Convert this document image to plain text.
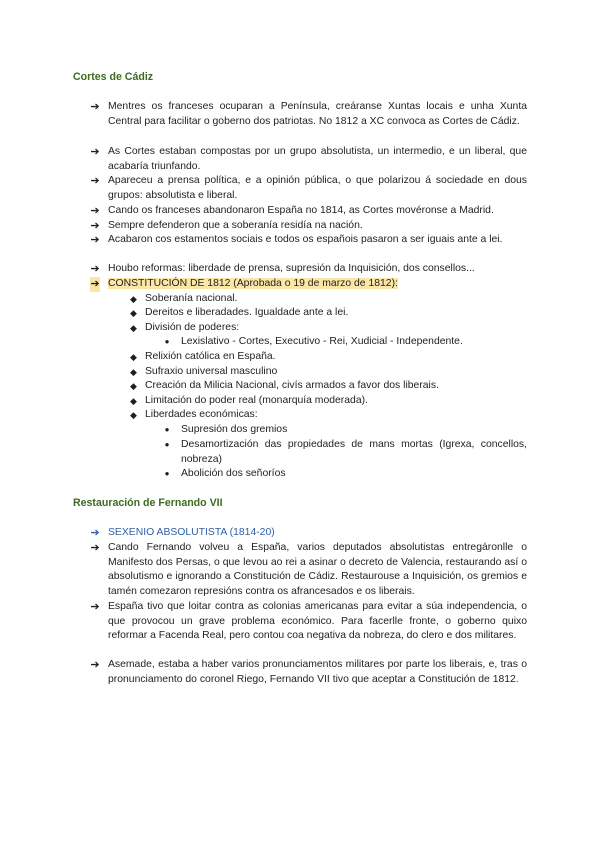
Cortes de Cádiz
➔ Mentres os franceses ocuparan a Península, creáranse Xuntas locais e unha Xunta Central para facilitar o goberno dos patriotas. No 1812 a XC convoca as Cortes de Cádiz.
➔ As Cortes estaban compostas por un grupo absolutista, un intermedio, e un liberal, que acabaría triunfando.
➔ Apareceu a prensa política, e a opinión pública, o que polarizou á sociedade en dous grupos: absolutista e liberal.
➔ Cando os franceses abandonaron España no 1814, as Cortes movéronse a Madrid.
➔ Sempre defenderon que a soberanía residía na nación.
➔ Acabaron cos estamentos sociais e todos os españois pasaron a ser iguais ante a lei.
➔ Houbo reformas: liberdade de prensa, supresión da Inquisición, dos consellos...
➔ CONSTITUCIÓN DE 1812 (Aprobada o 19 de marzo de 1812):
◆ Soberanía nacional.
◆ Dereitos e liberadades. Igualdade ante a lei.
◆ División de poderes:
● Lexislativo - Cortes, Executivo - Rei, Xudicial - Independente.
◆ Relixión católica en España.
◆ Sufraxio universal masculino
◆ Creación da Milicia Nacional, civís armados a favor dos liberais.
◆ Limitación do poder real (monarquía moderada).
◆ Liberdades económicas:
● Supresión dos gremios
● Desamortización das propiedades de mans mortas (Igrexa, concellos, nobreza)
● Abolición dos señoríos
Restauración de Fernando VII
➔ SEXENIO ABSOLUTISTA (1814-20)
➔ Cando Fernando volveu a España, varios deputados absolutistas entregáronlle o Manifesto dos Persas, o que levou ao rei a asinar o decreto de Valencia, restaurando así o absolutismo e ignorando a Constitución de Cádiz. Restaurouse a Inquisición, os gremios e tamén comezaron represións contra os afrancesados e os liberais.
➔ España tivo que loitar contra as colonias americanas para evitar a súa independencia, o que provocou un grave problema económico. Para facerlle fronte, o goberno quixo reformar a Facenda Real, pero contou coa negativa da nobreza, do clero e dos militares.
➔ Asemade, estaba a haber varios pronunciamentos militares por parte los liberais, e, tras o pronunciamento do coronel Riego, Fernando VII tivo que aceptar a Constitución de 1812.
